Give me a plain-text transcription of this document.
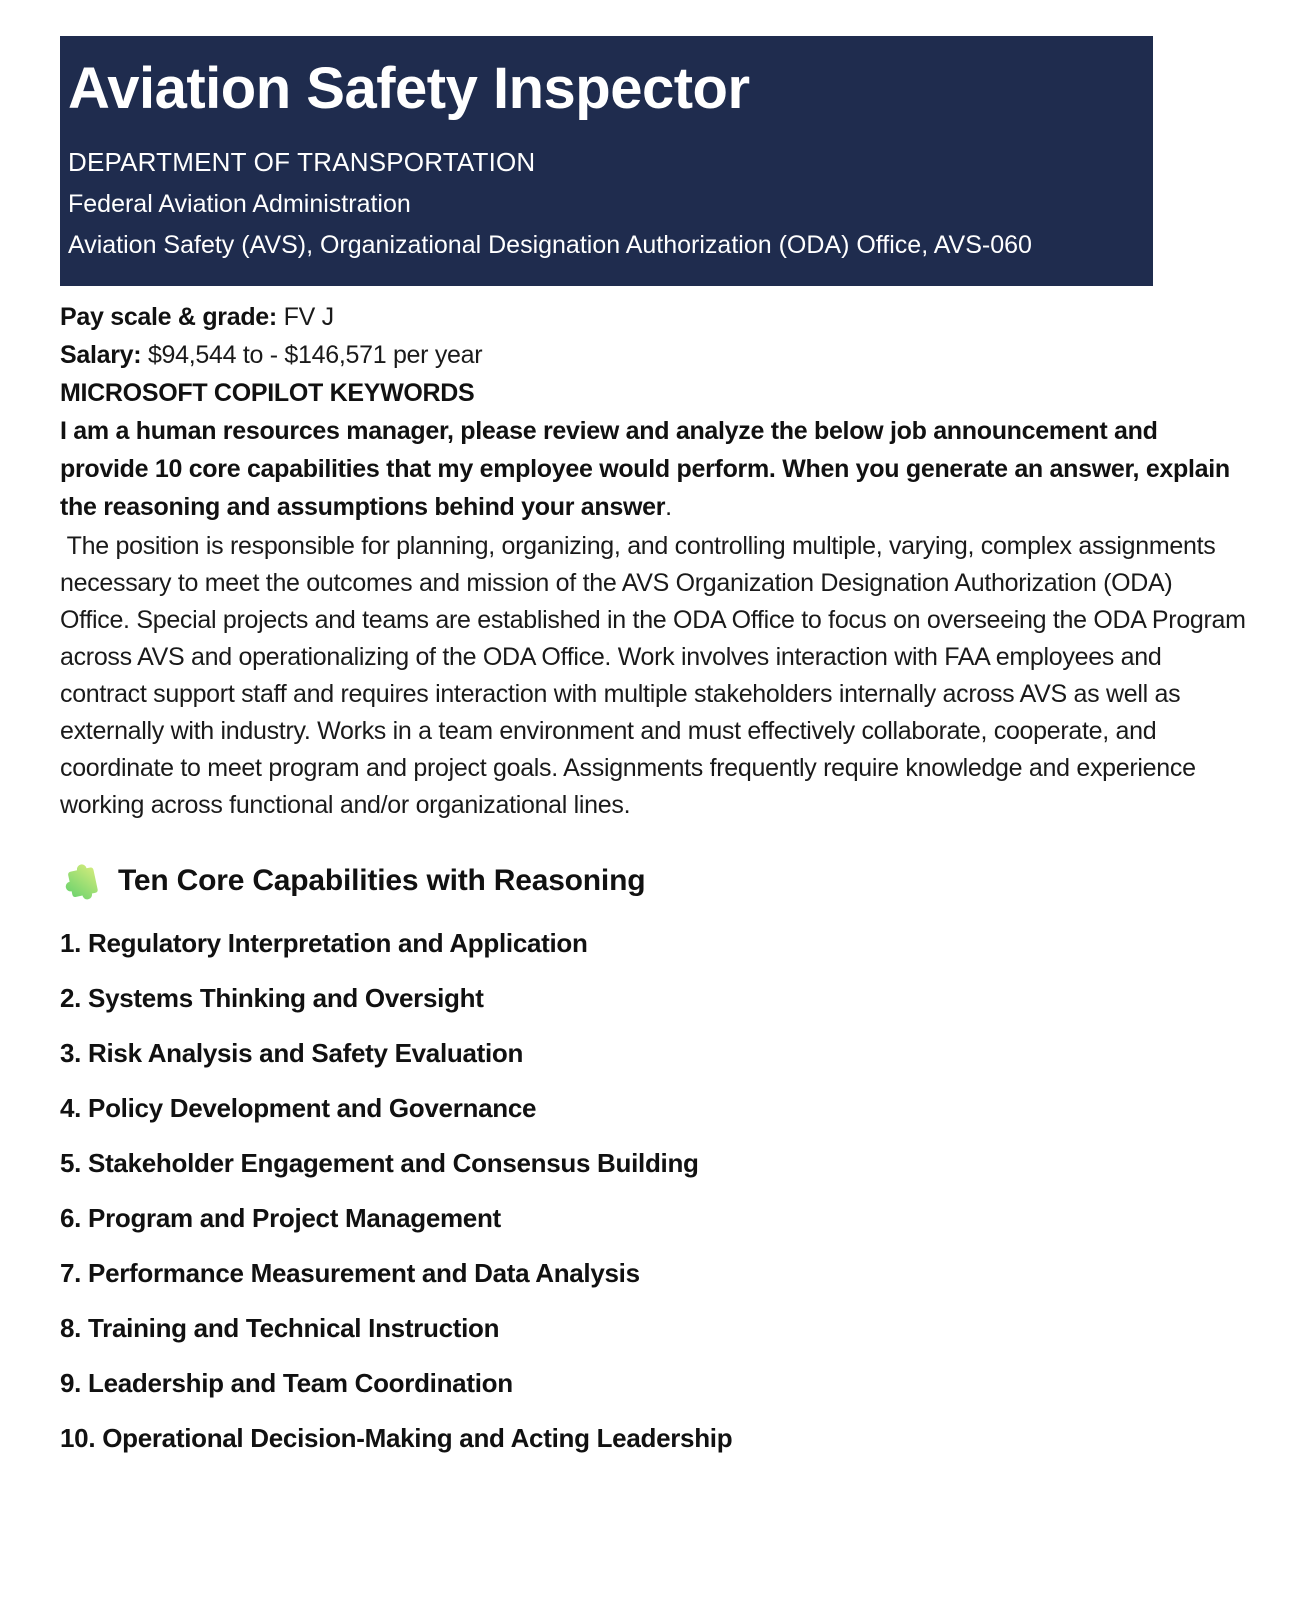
Aviation Safety Inspector
DEPARTMENT OF TRANSPORTATION
Federal Aviation Administration
Aviation Safety (AVS), Organizational Designation Authorization (ODA) Office, AVS-060

Pay scale & grade: FV J

Salary: $94,544 to - $146,571 per year

MICROSOFT COPILOT KEYWORDS

I am a human resources manager, please review and analyze the below job announcement and provide 10 core capabilities that my employee would perform. When you generate an answer, explain the reasoning and assumptions behind your answer.

The position is responsible for planning, organizing, and controlling multiple, varying, complex assignments necessary to meet the outcomes and mission of the AVS Organization Designation Authorization (ODA) Office. Special projects and teams are established in the ODA Office to focus on overseeing the ODA Program across AVS and operationalizing of the ODA Office. Work involves interaction with FAA employees and contract support staff and requires interaction with multiple stakeholders internally across AVS as well as externally with industry. Works in a team environment and must effectively collaborate, cooperate, and coordinate to meet program and project goals. Assignments frequently require knowledge and experience working across functional and/or organizational lines.

Ten Core Capabilities with Reasoning
1. Regulatory Interpretation and Application
2. Systems Thinking and Oversight
3. Risk Analysis and Safety Evaluation
4. Policy Development and Governance
5. Stakeholder Engagement and Consensus Building
6. Program and Project Management
7. Performance Measurement and Data Analysis
8. Training and Technical Instruction
9. Leadership and Team Coordination
10. Operational Decision-Making and Acting Leadership
